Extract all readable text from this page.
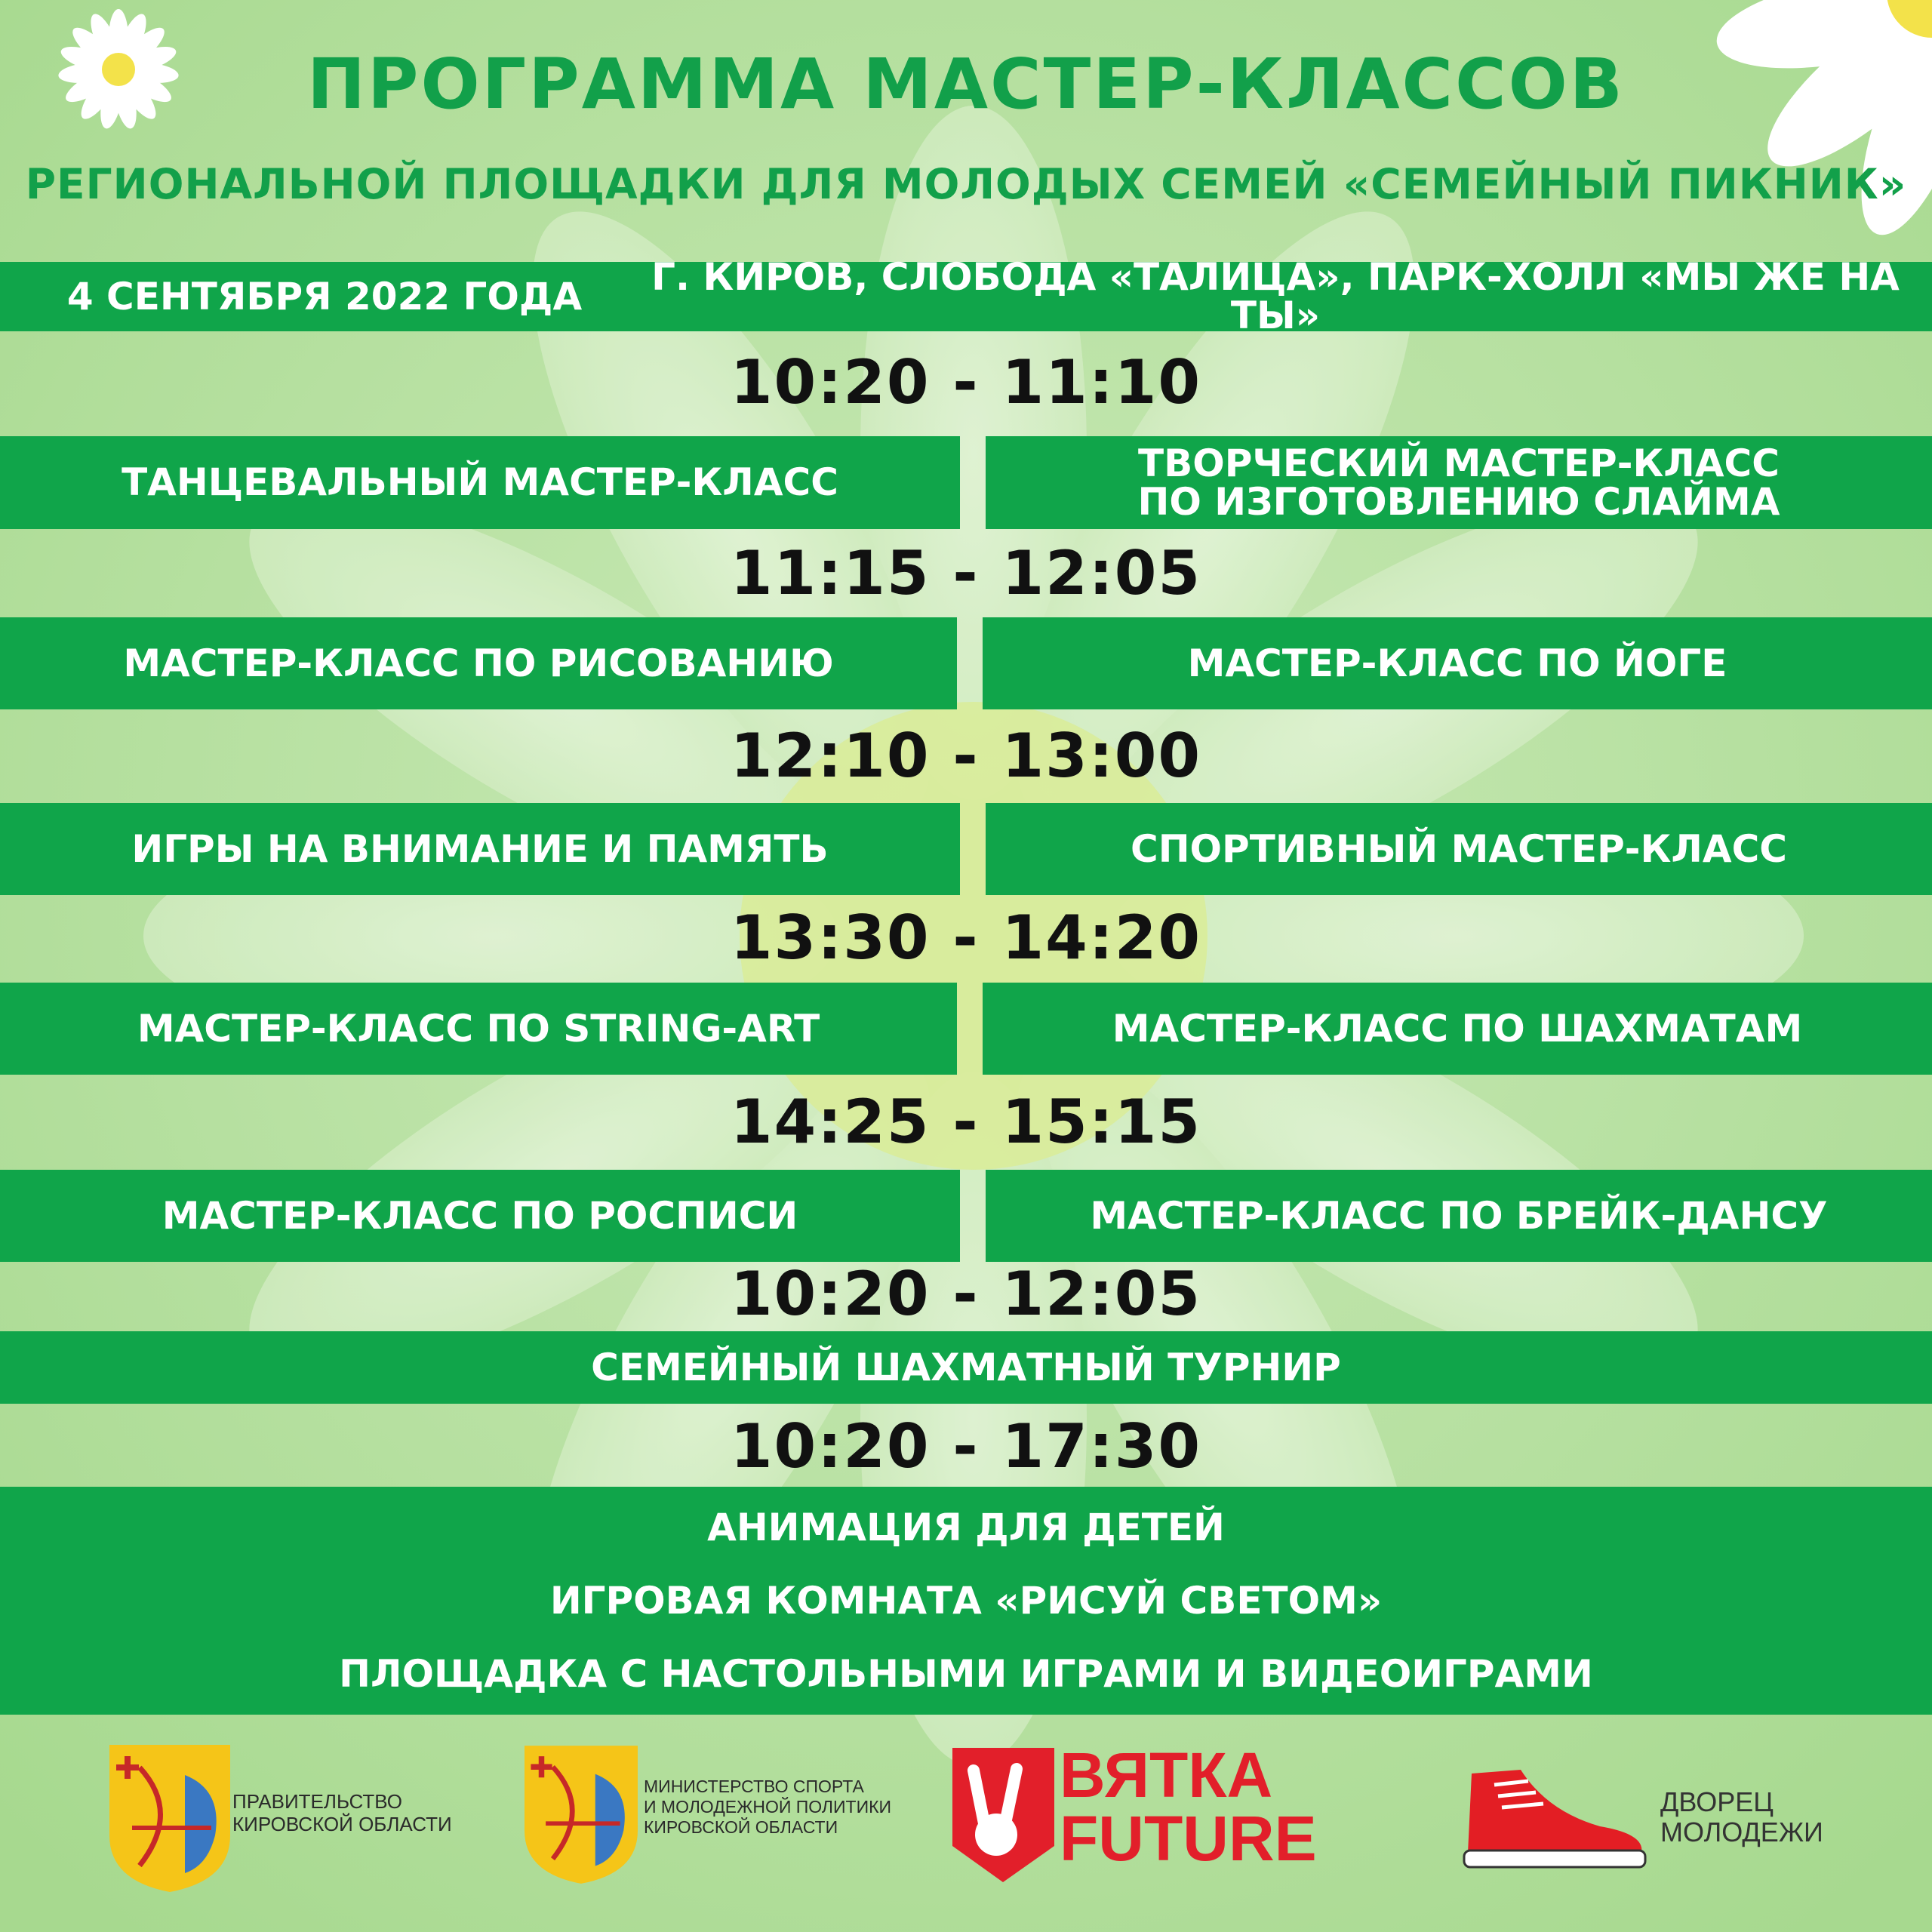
ПРОГРАММА МАСТЕР-КЛАССОВ
РЕГИОНАЛЬНОЙ ПЛОЩАДКИ ДЛЯ МОЛОДЫХ СЕМЕЙ «СЕМЕЙНЫЙ ПИКНИК»
4 СЕНТЯБРЯ 2022 ГОДА	Г. КИРОВ, СЛОБОДА «ТАЛИЦА», ПАРК-ХОЛЛ «МЫ ЖЕ НА ТЫ»
10:20 - 11:10
ТАНЦЕВАЛЬНЫЙ МАСТЕР-КЛАСС	ТВОРЧЕСКИЙ МАСТЕР-КЛАСС
ПО ИЗГОТОВЛЕНИЮ СЛАЙМА
11:15 - 12:05
МАСТЕР-КЛАСС ПО РИСОВАНИЮ	МАСТЕР-КЛАСС ПО ЙОГЕ
12:10 - 13:00
ИГРЫ НА ВНИМАНИЕ И ПАМЯТЬ	СПОРТИВНЫЙ МАСТЕР-КЛАСС
13:30 - 14:20
МАСТЕР-КЛАСС ПО STRING-ART	МАСТЕР-КЛАСС ПО ШАХМАТАМ
14:25 - 15:15
МАСТЕР-КЛАСС ПО РОСПИСИ	МАСТЕР-КЛАСС ПО БРЕЙК-ДАНСУ
10:20 - 12:05
СЕМЕЙНЫЙ ШАХМАТНЫЙ ТУРНИР
10:20 - 17:30
АНИМАЦИЯ ДЛЯ ДЕТЕЙ
ИГРОВАЯ КОМНАТА «РИСУЙ СВЕТОМ»
ПЛОЩАДКА С НАСТОЛЬНЫМИ ИГРАМИ И ВИДЕОИГРАМИ
ПРАВИТЕЛЬСТВО
КИРОВСКОЙ ОБЛАСТИ
МИНИСТЕРСТВО СПОРТА
И МОЛОДЕЖНОЙ ПОЛИТИКИ
КИРОВСКОЙ ОБЛАСТИ
ВЯТКА
FUTURE
ДВОРЕЦ
МОЛОДЕЖИ
